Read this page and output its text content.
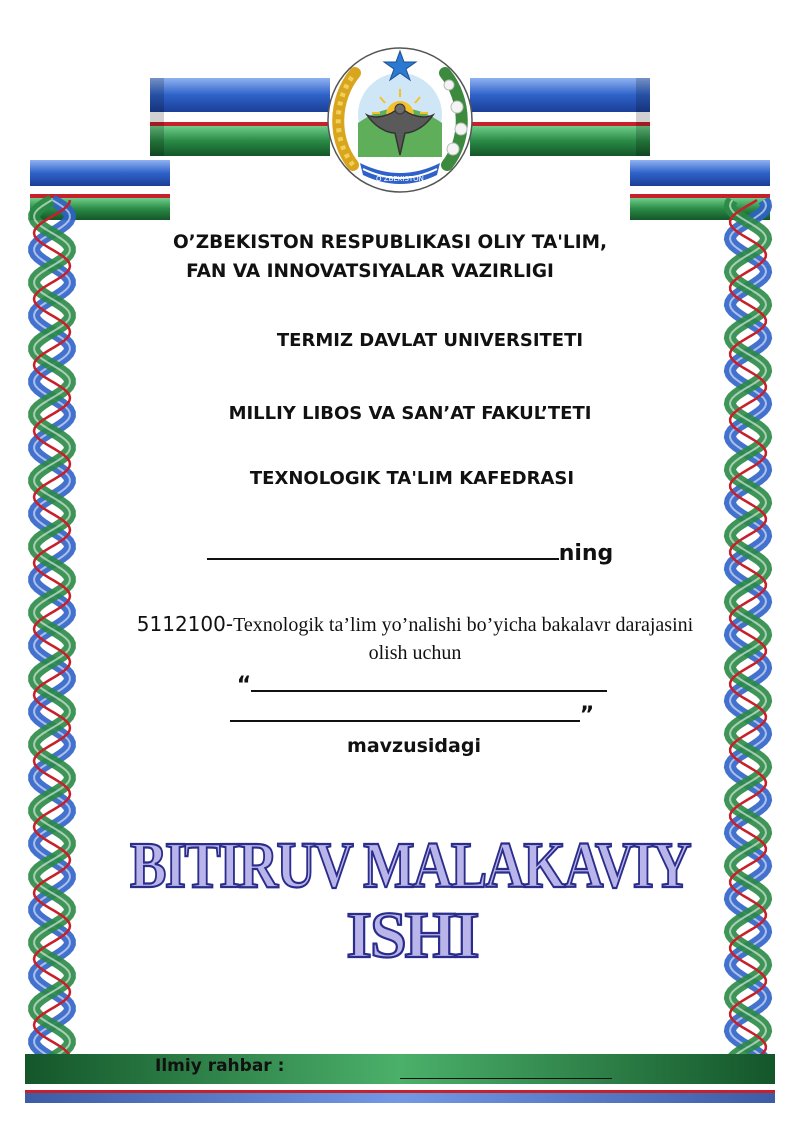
O’ZBEKISTON
O’ZBEKISTON RESPUBLIKASI OLIY TA'LIM,
FAN VA INNOVATSIYALAR VAZIRLIGI
TERMIZ DAVLAT UNIVERSITETI
MILLIY LIBOS VA SAN’AT FAKUL’TETI
TEXNOLOGIK TA'LIM KAFEDRASI
ning
5112100-Texnologik ta’lim yo’nalishi bo’yicha bakalavr darajasini olish uchun
“
”
mavzusidagi
BITIRUV MALAKAVIY
ISHI
Ilmiy rahbar :
